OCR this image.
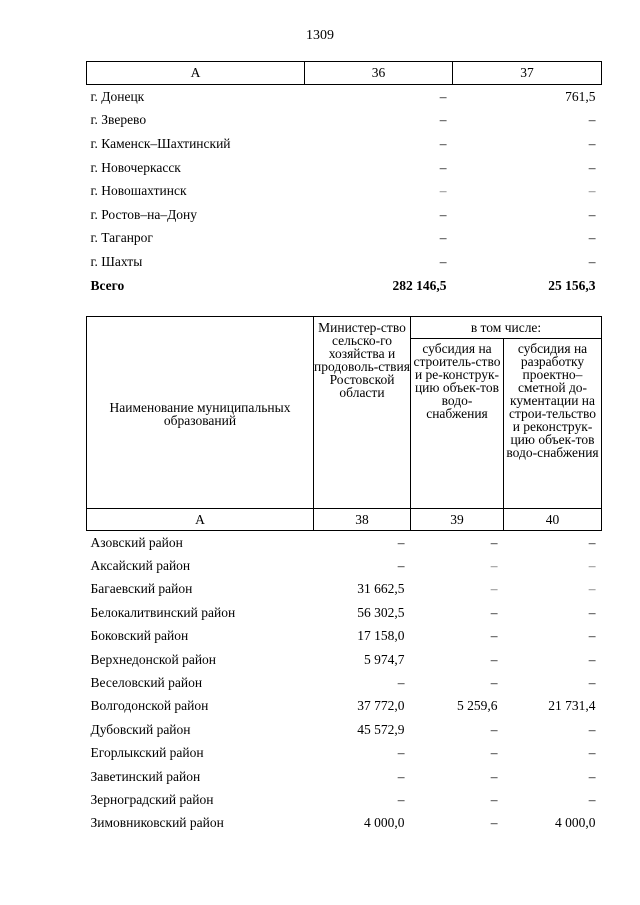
1309
А	36	37
г. Донецк	–	761,5
г. Зверево	–	–
г. Каменск–Шахтинский	–	–
г. Новочеркасск	–	–
г. Новошахтинск	–	–
г. Ростов–на–Дону	–	–
г. Таганрог	–	–
г. Шахты	–	–
Всего	282 146,5	25 156,3
Наименование муниципальных образований	Министер-ство сельско-го хозяйства и продоволь-ствия Ростовской области	в том числе:	
		субсидия на строитель-ство и ре-конструк-цию объек-тов водо-снабжения	субсидия на разработку проектно–сметной до-кументации на строи-тельство и реконструк-цию объек-тов водо-снабжения
А	38	39	40
Азовский район	–	–	–
Аксайский район	–	–	–
Багаевский район	31 662,5	–	–
Белокалитвинский район	56 302,5	–	–
Боковский район	17 158,0	–	–
Верхнедонской район	5 974,7	–	–
Веселовский район	–	–	–
Волгодонской район	37 772,0	5 259,6	21 731,4
Дубовский район	45 572,9	–	–
Егорлыкский район	–	–	–
Заветинский район	–	–	–
Зерноградский район	–	–	–
Зимовниковский район	4 000,0	–	4 000,0
